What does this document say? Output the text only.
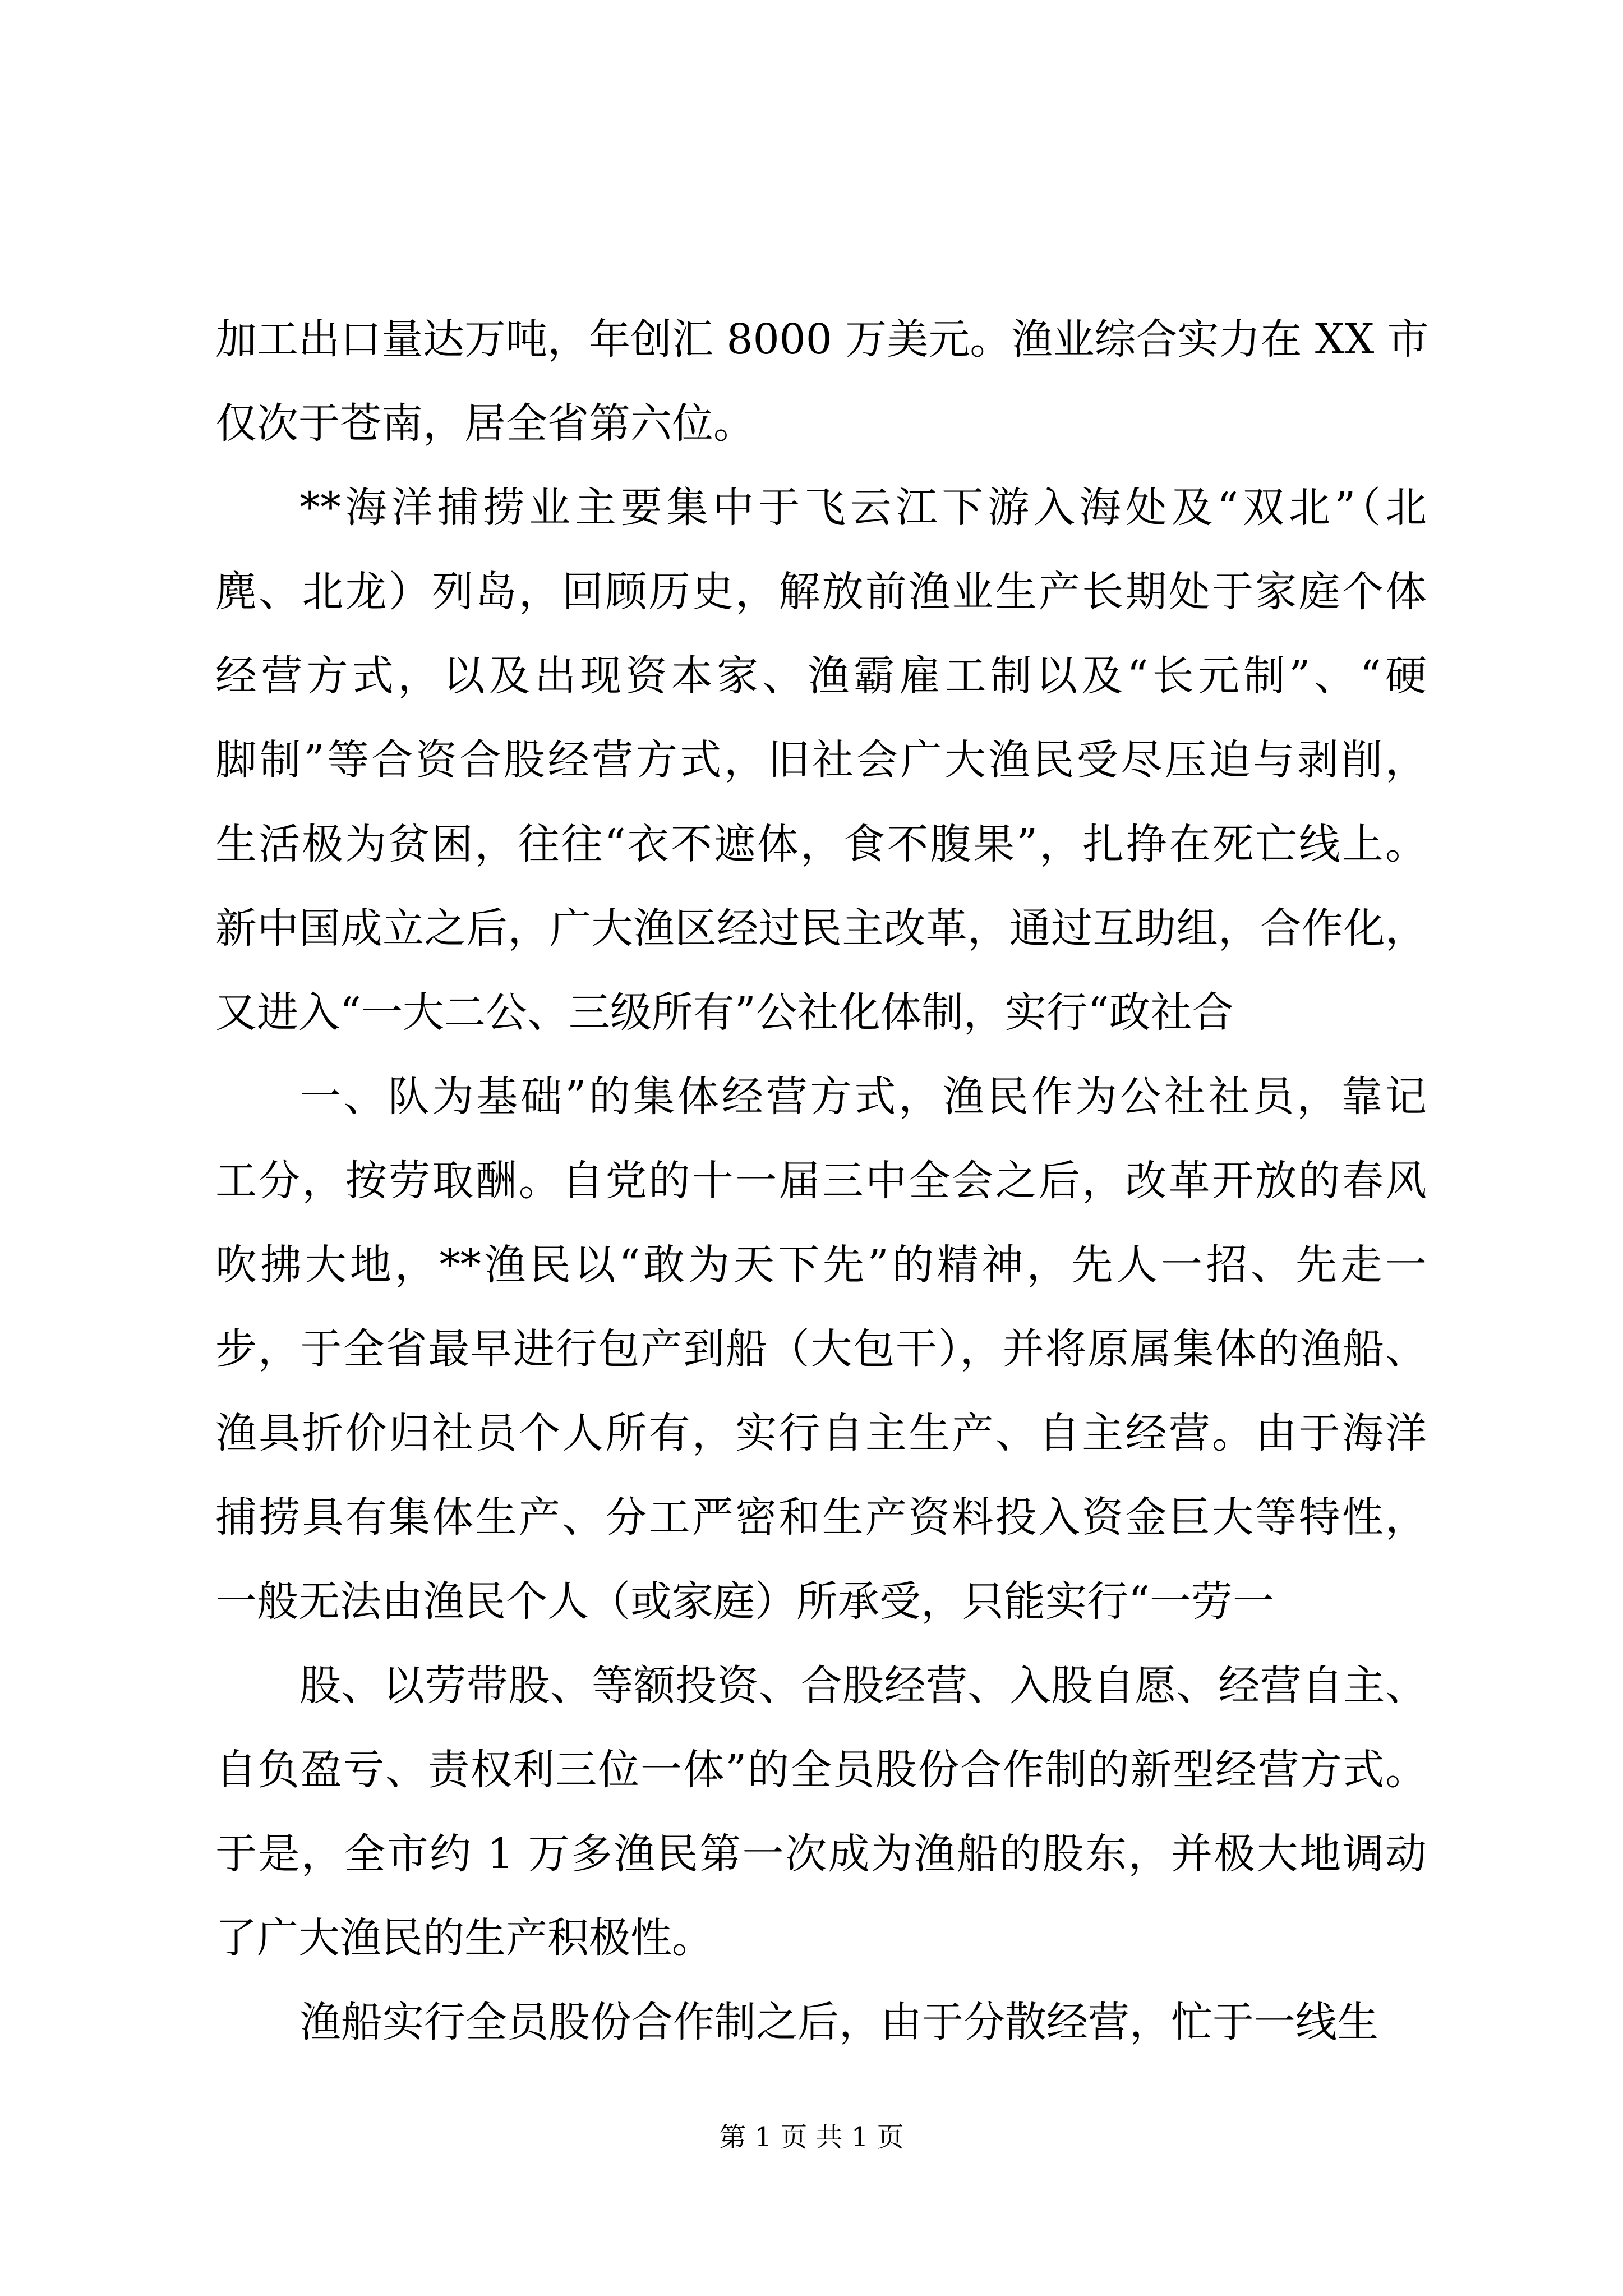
加工出口量达万吨，年创汇 8000 万美元。渔业综合实力在 XX 市
仅次于苍南，居全省第六位。
**海洋捕捞业主要集中于飞云江下游入海处及“双北”（北
麂、北龙）列岛，回顾历史，解放前渔业生产长期处于家庭个体
经营方式，以及出现资本家、渔霸雇工制以及“长元制”、“硬
脚制”等合资合股经营方式，旧社会广大渔民受尽压迫与剥削，
生活极为贫困，往往“衣不遮体，食不腹果”，扎挣在死亡线上。
新中国成立之后，广大渔区经过民主改革，通过互助组，合作化，
又进入“一大二公、三级所有”公社化体制，实行“政社合
一、队为基础”的集体经营方式，渔民作为公社社员，靠记
工分，按劳取酬。自党的十一届三中全会之后，改革开放的春风
吹拂大地，**渔民以“敢为天下先”的精神，先人一招、先走一
步，于全省最早进行包产到船（大包干），并将原属集体的渔船、
渔具折价归社员个人所有，实行自主生产、自主经营。由于海洋
捕捞具有集体生产、分工严密和生产资料投入资金巨大等特性，
一般无法由渔民个人（或家庭）所承受，只能实行“一劳一
股、以劳带股、等额投资、合股经营、入股自愿、经营自主、
自负盈亏、责权利三位一体”的全员股份合作制的新型经营方式。
于是，全市约 1 万多渔民第一次成为渔船的股东，并极大地调动
了广大渔民的生产积极性。
渔船实行全员股份合作制之后，由于分散经营，忙于一线生
第 1 页 共 1 页
